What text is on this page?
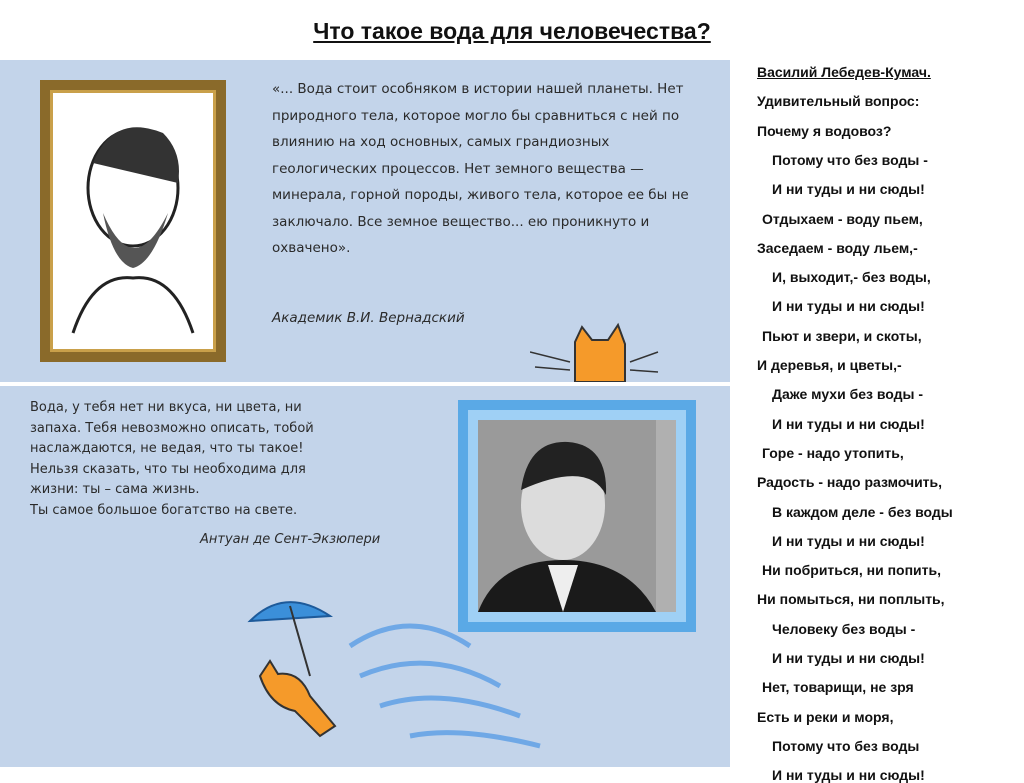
Что такое вода для человечества?
«... Вода стоит особняком в истории нашей планеты. Нет природного тела, которое могло бы сравниться с ней по влиянию на ход основных, самых грандиозных геологических процессов. Нет земного вещества — минерала, горной породы, живого тела, которое ее бы не заключало. Все земное вещество... ею проникнуто и охвачено».
Академик В.И. Вернадский
Вода, у тебя нет ни вкуса, ни цвета, ни
запаха. Тебя невозможно описать, тобой
наслаждаются, не ведая, что ты такое!
Нельзя сказать, что ты необходима для
жизни: ты – сама жизнь.
Ты самое большое богатство на свете.
Антуан де Сент-Экзюпери
Василий Лебедев-Кумач.
Удивительный вопрос:
Почему я водовоз?
Потому что без воды -
И ни туды и ни сюды!
Отдыхаем - воду пьем,
Заседаем - воду льем,-
И, выходит,- без воды,
И ни туды и ни сюды!
Пьют и звери, и скоты,
И деревья, и цветы,-
Даже мухи без воды -
И ни туды и ни сюды!
Горе - надо утопить,
Радость - надо размочить,
В каждом деле - без воды
И ни туды и ни сюды!
Ни побриться, ни попить,
Ни помыться, ни поплыть,
Человеку без воды -
И ни туды и ни сюды!
Нет, товарищи, не зря
Есть и реки и моря,
Потому что без воды
И ни туды и ни сюды!
